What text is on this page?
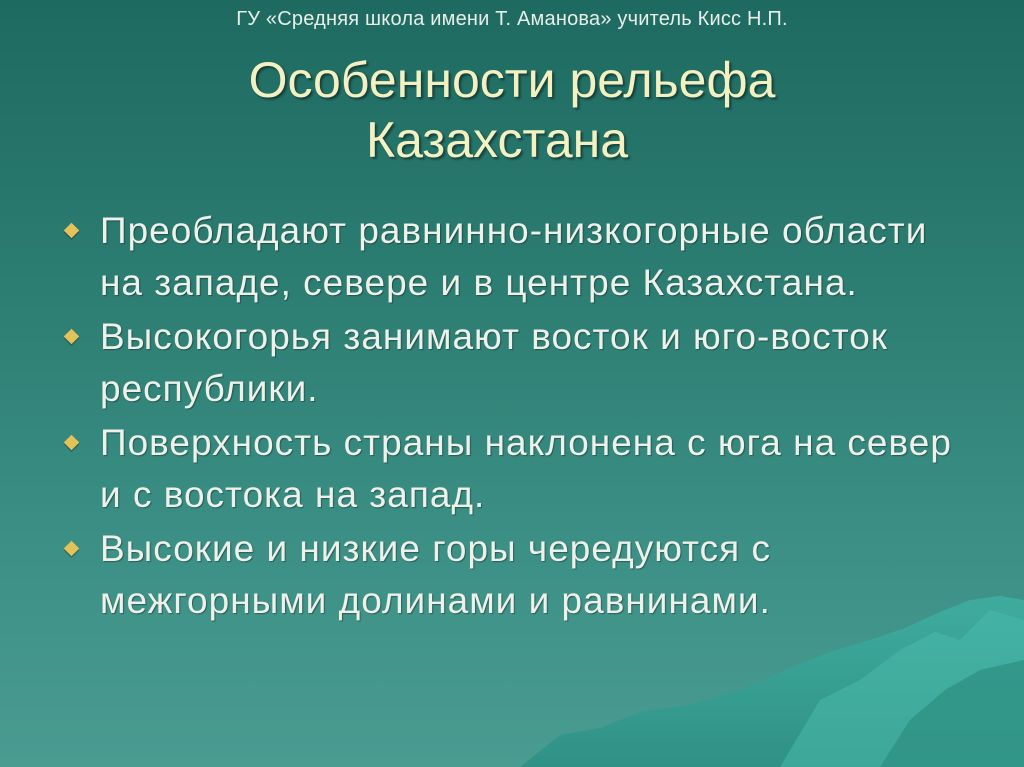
ГУ «Средняя школа имени Т. Аманова» учитель Кисс Н.П.
Особенности рельефа
Казахстана
Преобладают равнинно-низкогорные области на западе, севере и в центре Казахстана.
Высокогорья занимают восток и юго-восток республики.
Поверхность страны наклонена с юга на север и с востока на запад.
Высокие и низкие горы чередуются с межгорными долинами и равнинами.
